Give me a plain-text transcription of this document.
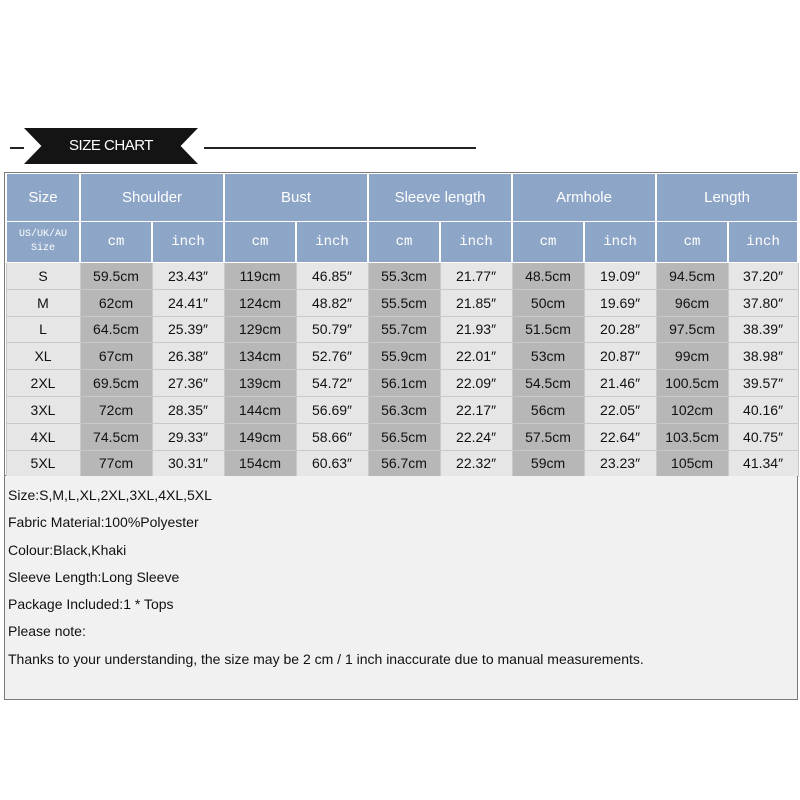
SIZE CHART
Size	Shoulder		Bust		Sleeve length		Armhole		Length	
US/UK/AU
Size	cm	inch	cm	inch	cm	inch	cm	inch	cm	inch
S	59.5cm	23.43″	119cm	46.85″	55.3cm	21.77″	48.5cm	19.09″	94.5cm	37.20″
M	62cm	24.41″	124cm	48.82″	55.5cm	21.85″	50cm	19.69″	96cm	37.80″
L	64.5cm	25.39″	129cm	50.79″	55.7cm	21.93″	51.5cm	20.28″	97.5cm	38.39″
XL	67cm	26.38″	134cm	52.76″	55.9cm	22.01″	53cm	20.87″	99cm	38.98″
2XL	69.5cm	27.36″	139cm	54.72″	56.1cm	22.09″	54.5cm	21.46″	100.5cm	39.57″
3XL	72cm	28.35″	144cm	56.69″	56.3cm	22.17″	56cm	22.05″	102cm	40.16″
4XL	74.5cm	29.33″	149cm	58.66″	56.5cm	22.24″	57.5cm	22.64″	103.5cm	40.75″
5XL	77cm	30.31″	154cm	60.63″	56.7cm	22.32″	59cm	23.23″	105cm	41.34″

Size:S,M,L,XL,2XL,3XL,4XL,5XL

Fabric Material:100%Polyester

Colour:Black,Khaki

Sleeve Length:Long Sleeve

Package Included:1 * Tops

Please note:

Thanks to your understanding, the size may be 2 cm / 1 inch inaccurate due to manual measurements.
